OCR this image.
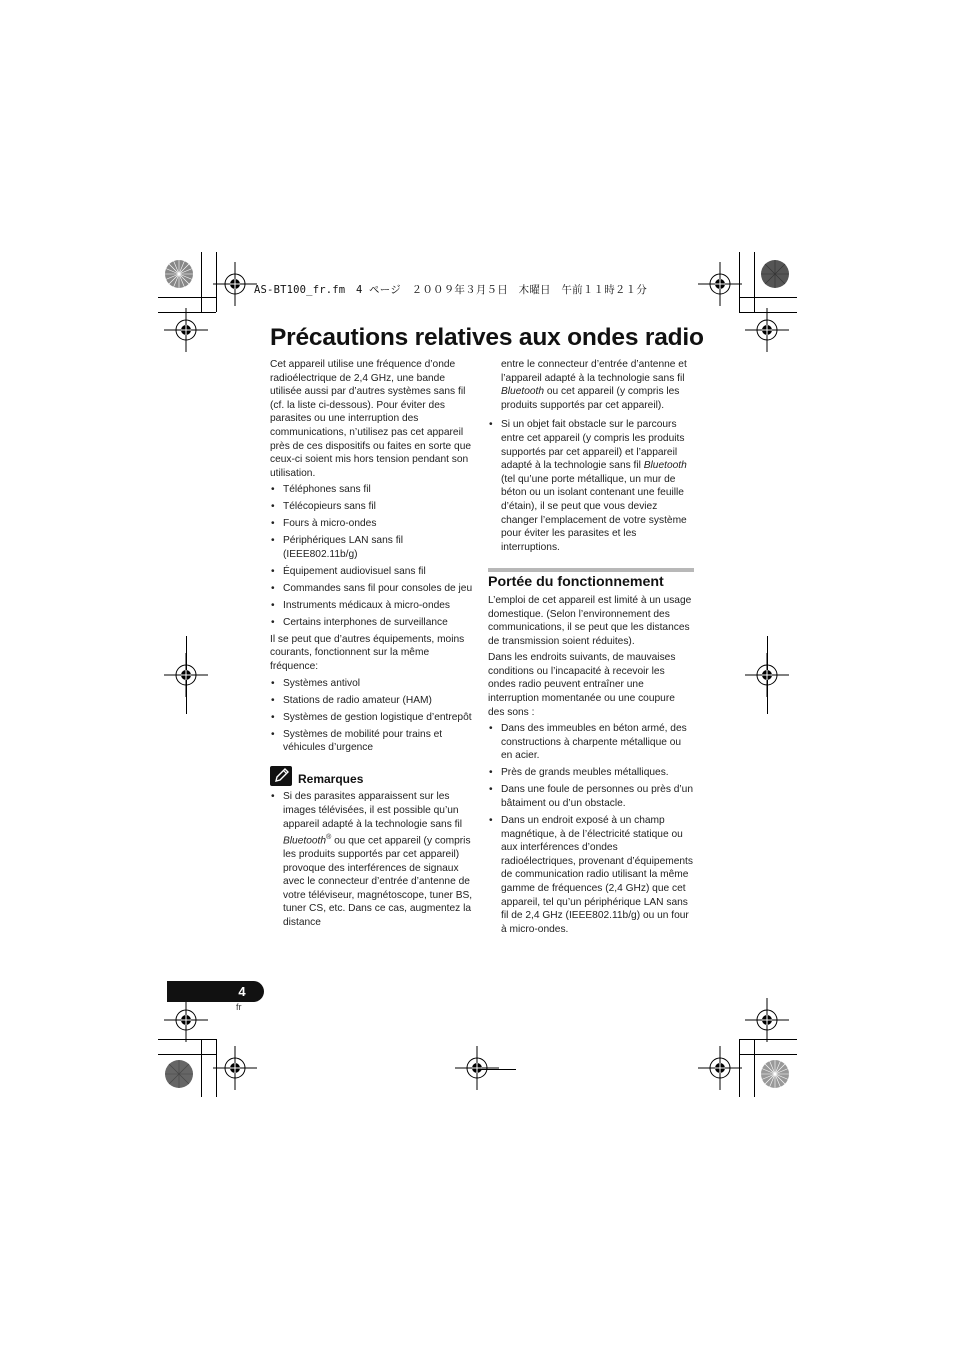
AS-BT100_fr.fm　4 ページ　２００９年３月５日　木曜日　午前１１時２１分
Précautions relatives aux ondes radio

Cet appareil utilise une fréquence d’onde radioélectrique de 2,4 GHz, une bande utilisée aussi par d’autres systèmes sans fil (cf. la liste ci-dessous). Pour éviter des parasites ou une interruption des communications, n’utilisez pas cet appareil près de ces dispositifs ou faites en sorte que ceux-ci soient mis hors tension pendant son utilisation.

• Téléphones sans fil
• Télécopieurs sans fil
• Fours à micro-ondes
• Périphériques LAN sans fil (IEEE802.11b/g)
• Équipement audiovisuel sans fil
• Commandes sans fil pour consoles de jeu
• Instruments médicaux à micro-ondes
• Certains interphones de surveillance

Il se peut que d’autres équipements, moins courants, fonctionnent sur la même fréquence:

• Systèmes antivol
• Stations de radio amateur (HAM)
• Systèmes de gestion logistique d’entrepôt
• Systèmes de mobilité pour trains et véhicules d’urgence
Remarques
• Si des parasites apparaissent sur les images télévisées, il est possible qu’un appareil adapté à la technologie sans fil Bluetooth® ou que cet appareil (y compris les produits supportés par cet appareil) provoque des interférences de signaux avec le connecteur d’entrée d’antenne de votre téléviseur, magnétoscope, tuner BS, tuner CS, etc. Dans ce cas, augmentez la distance

entre le connecteur d’entrée d’antenne et l’appareil adapté à la technologie sans fil Bluetooth ou cet appareil (y compris les produits supportés par cet appareil).

• Si un objet fait obstacle sur le parcours entre cet appareil (y compris les produits supportés par cet appareil) et l’appareil adapté à la technologie sans fil Bluetooth (tel qu’une porte métallique, un mur de béton ou un isolant contenant une feuille d’étain), il se peut que vous deviez changer l’emplacement de votre système pour éviter les parasites et les interruptions.
Portée du fonctionnement

L’emploi de cet appareil est limité à un usage domestique. (Selon l’environnement des communications, il se peut que les distances de transmission soient réduites).

Dans les endroits suivants, de mauvaises conditions ou l’incapacité à recevoir les ondes radio peuvent entraîner une interruption momentanée ou une coupure des sons :

• Dans des immeubles en béton armé, des constructions à charpente métallique ou en acier.
• Près de grands meubles métalliques.
• Dans une foule de personnes ou près d’un bâtaiment ou d’un obstacle.
• Dans un endroit exposé à un champ magnétique, à de l’électricité statique ou aux interférences d’ondes radioélectriques, provenant d’équipements de communication radio utilisant la même gamme de fréquences (2,4 GHz) que cet appareil, tel qu’un périphérique LAN sans fil de 2,4 GHz (IEEE802.11b/g) ou un four à micro-ondes.
4
fr
